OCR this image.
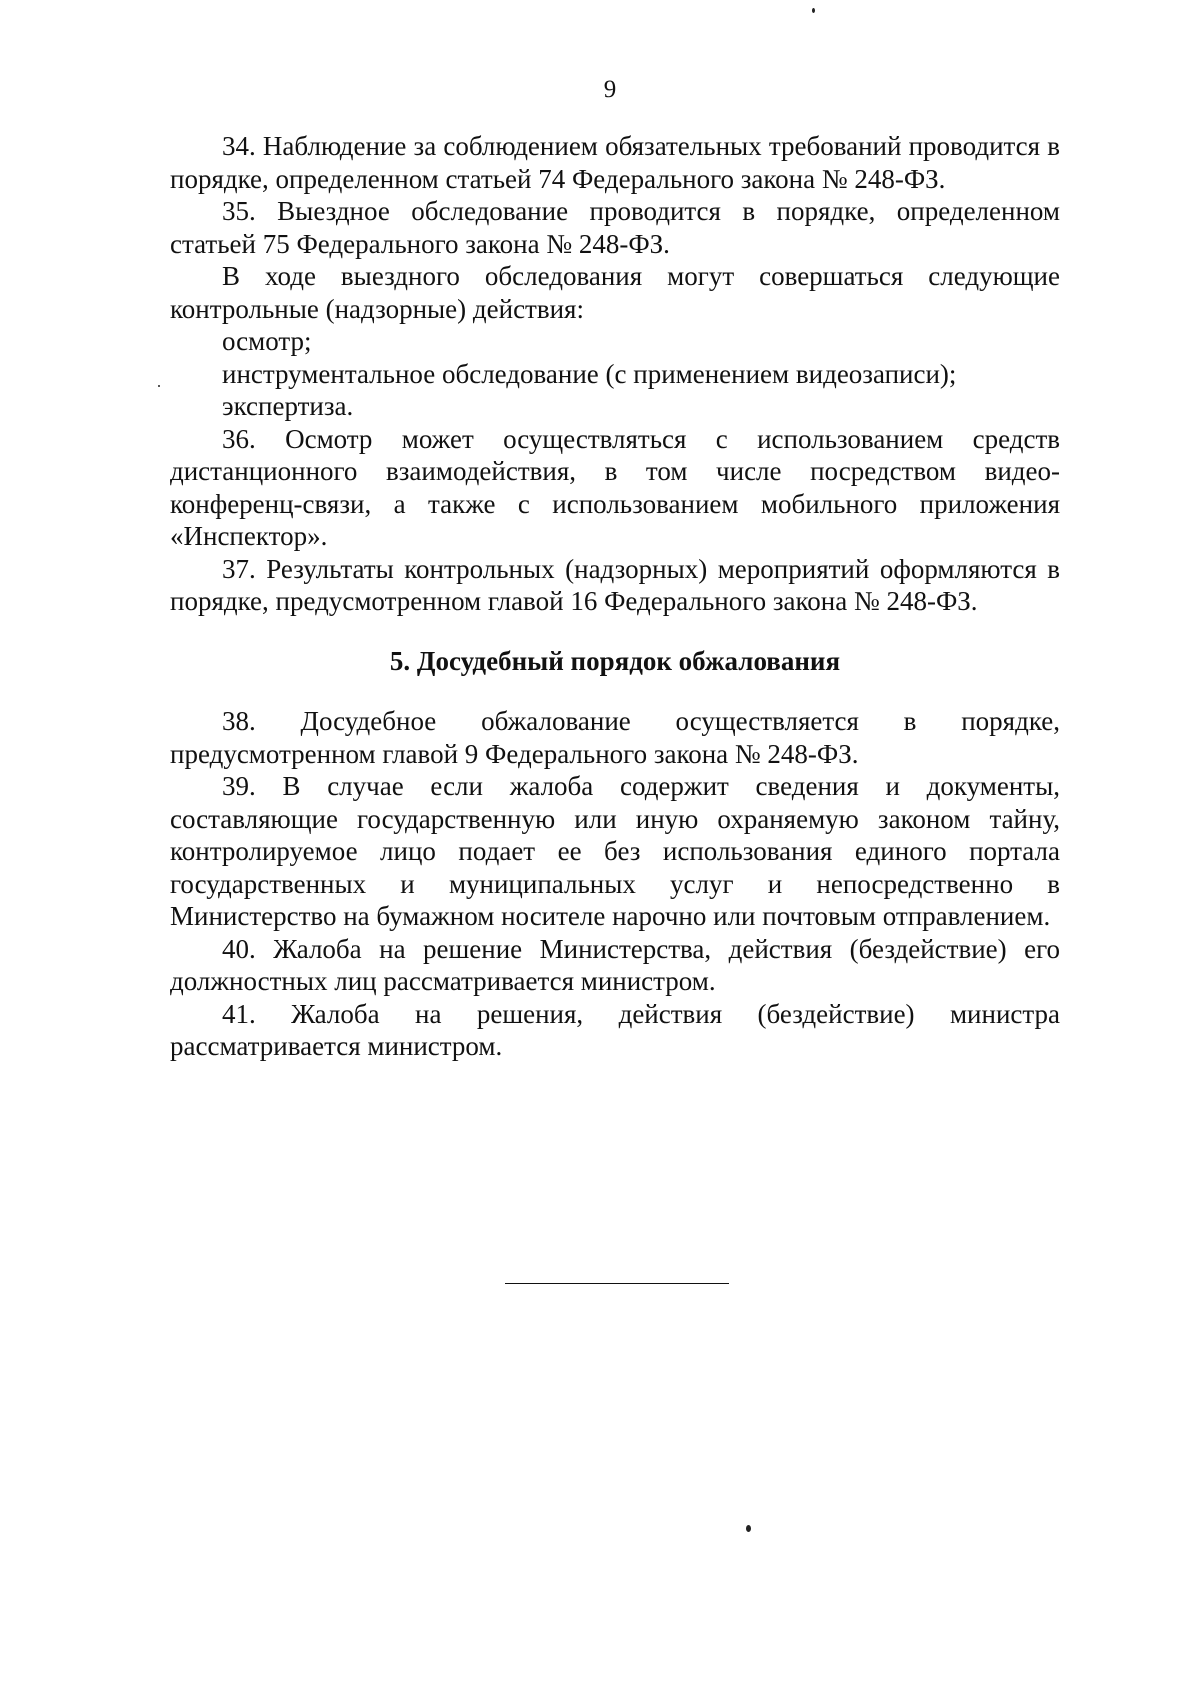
9

34. Наблюдение за соблюдением обязательных требований проводится в порядке, определенном статьей 74 Федерального закона № 248-ФЗ.

35. Выездное обследование проводится в порядке, определенном статьей 75 Федерального закона № 248-ФЗ.

В ходе выездного обследования могут совершаться следующие контрольные (надзорные) действия:

осмотр;

инструментальное обследование (с применением видеозаписи);

экспертиза.

36. Осмотр может осуществляться с использованием средств дистанционного взаимодействия, в том числе посредством видео-конференц-связи, а также с использованием мобильного приложения «Инспектор».

37. Результаты контрольных (надзорных) мероприятий оформляются в порядке, предусмотренном главой 16 Федерального закона № 248-ФЗ.

5. Досудебный порядок обжалования

38. Досудебное обжалование осуществляется в порядке, предусмотренном главой 9 Федерального закона № 248-ФЗ.

39. В случае если жалоба содержит сведения и документы, составляющие государственную или иную охраняемую законом тайну, контролируемое лицо подает ее без использования единого портала государственных и муниципальных услуг и непосредственно в Министерство на бумажном носителе нарочно или почтовым отправлением.

40. Жалоба на решение Министерства, действия (бездействие) его должностных лиц рассматривается министром.

41. Жалоба на решения, действия (бездействие) министра рассматривается министром.
